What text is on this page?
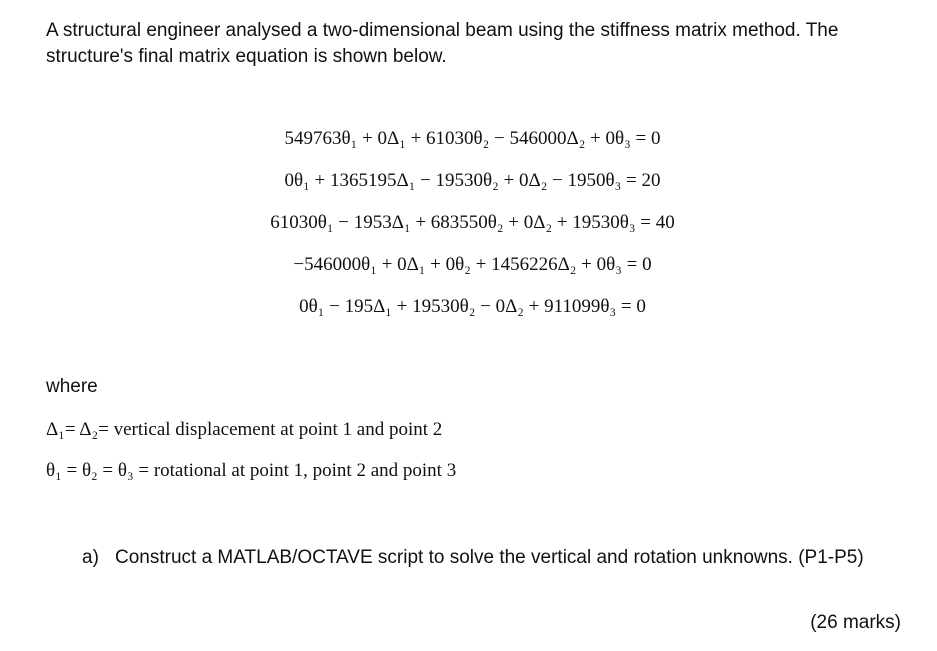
A structural engineer analysed a two-dimensional beam using the stiffness matrix method. The structure's final matrix equation is shown below.

549763θ₁ + 0Δ₁ + 61030θ₂ − 546000Δ₂ + 0θ₃ = 0
0θ₁ + 1365195Δ₁ − 19530θ₂ + 0Δ₂ − 1950θ₃ = 20
61030θ₁ − 1953Δ₁ + 683550θ₂ + 0Δ₂ + 19530θ₃ = 40
−546000θ₁ + 0Δ₁ + 0θ₂ + 1456226Δ₂ + 0θ₃ = 0
0θ₁ − 195Δ₁ + 19530θ₂ − 0Δ₂ + 911099θ₃ = 0
where
Δ₁= Δ₂= vertical displacement at point 1 and point 2
θ₁ = θ₂ = θ₃ = rotational at point 1, point 2 and point 3
a) Construct a MATLAB/OCTAVE script to solve the vertical and rotation unknowns. (P1-P5)
(26 marks)
